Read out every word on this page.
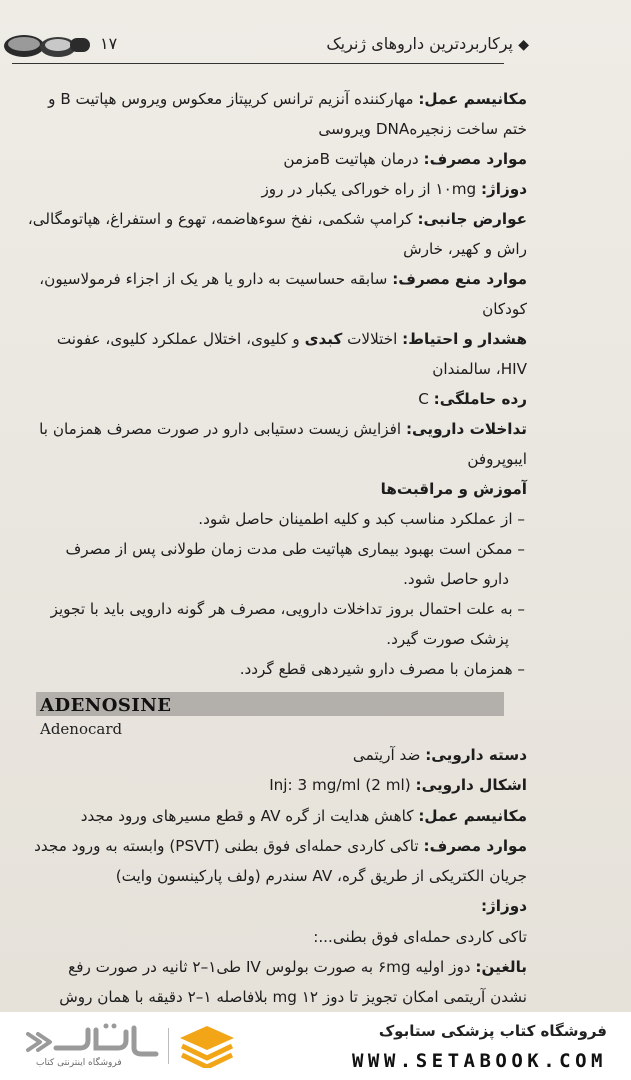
۱۷	◆
پرکاربردترین داروهای ژنریک
مکانیسم عمل: مهارکننده آنزیم ترانس کریپتاز معکوس ویروس هپاتیت B و
ختم ساخت زنجیرهDNA ویروسی
موارد مصرف: درمان هپاتیت Bمزمن
دوزاژ: ۱۰mg از راه خوراکی یکبار در روز
عوارض جانبی: کرامپ شکمی، نفخ سوءهاضمه، تهوع و استفراغ، هپاتومگالی،
راش و کهیر، خارش
موارد منع مصرف: سابقه حساسیت به دارو یا هر یک از اجزاء فرمولاسیون،
کودکان
هشدار و احتیاط: اختلالات کبدی و کلیوی، اختلال عملکرد کلیوی، عفونت
HIV، سالمندان
رده حاملگی: C
تداخلات دارویی: افزایش زیست دستیابی دارو در صورت مصرف همزمان با
ایبوپروفن
آموزش و مراقبت‌ها
– از عملکرد مناسب کبد و کلیه اطمینان حاصل شود.
– ممکن است بهبود بیماری هپاتیت طی مدت زمان طولانی پس از مصرف
دارو حاصل شود.
– به علت احتمال بروز تداخلات دارویی، مصرف هر گونه دارویی باید با تجویز
پزشک صورت گیرد.
– همزمان با مصرف دارو شیردهی قطع گردد.
ADENOSINE
Adenocard
دسته دارویی: ضد آریتمی
اشکال دارویی: Inj: 3 mg/ml (2 ml)
مکانیسم عمل: کاهش هدایت از گره AV و قطع مسیرهای ورود مجدد
موارد مصرف: تاکی کاردی حمله‌ای فوق بطنی (PSVT) وابسته به ورود مجدد
جریان الکتریکی از طریق گره، AV سندرم (ولف پارکینسون وایت)
دوزاژ:
تاکی کاردی حمله‌ای فوق بطنی...:
بالغین: دوز اولیه ۶mg به صورت بولوس IV طی۱–۲ ثانیه در صورت رفع
نشدن آریتمی امکان تجویز تا دوز ۱۲ mg بلافاصله ۱–۲ دقیقه با همان روش
فروشگاه کتاب پزشکی ستابوک
WWW.SETABOOK.COM
فروشگاه اینترنتی کتاب
